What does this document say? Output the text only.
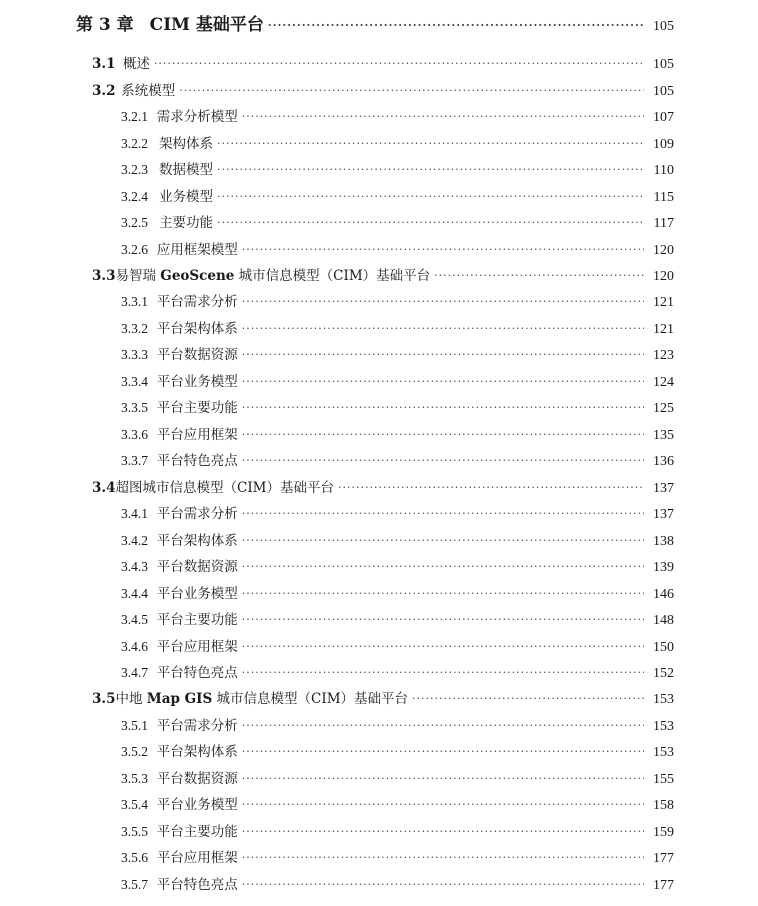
第 3 章 CIM 基础平台 ·····	105
3.1 概述 ·····	105
3.2 系统模型 ·····	105
3.2.1 需求分析模型 ·····	107
3.2.2 架构体系 ·····	109
3.2.3 数据模型 ·····	110
3.2.4 业务模型 ·····	115
3.2.5 主要功能 ·····	117
3.2.6 应用框架模型 ·····	120
3.3 易智瑞 GeoScene 城市信息模型（CIM）基础平台 ·····	120
3.3.1 平台需求分析 ·····	121
3.3.2 平台架构体系 ·····	121
3.3.3 平台数据资源 ·····	123
3.3.4 平台业务模型 ·····	124
3.3.5 平台主要功能 ·····	125
3.3.6 平台应用框架 ·····	135
3.3.7 平台特色亮点 ·····	136
3.4 超图城市信息模型（CIM）基础平台 ·····	137
3.4.1 平台需求分析 ·····	137
3.4.2 平台架构体系 ·····	138
3.4.3 平台数据资源 ·····	139
3.4.4 平台业务模型 ·····	146
3.4.5 平台主要功能 ·····	148
3.4.6 平台应用框架 ·····	150
3.4.7 平台特色亮点 ·····	152
3.5 中地 Map GIS 城市信息模型（CIM）基础平台 ·····	153
3.5.1 平台需求分析 ·····	153
3.5.2 平台架构体系 ·····	153
3.5.3 平台数据资源 ·····	155
3.5.4 平台业务模型 ·····	158
3.5.5 平台主要功能 ·····	159
3.5.6 平台应用框架 ·····	177
3.5.7 平台特色亮点 ·····	177
